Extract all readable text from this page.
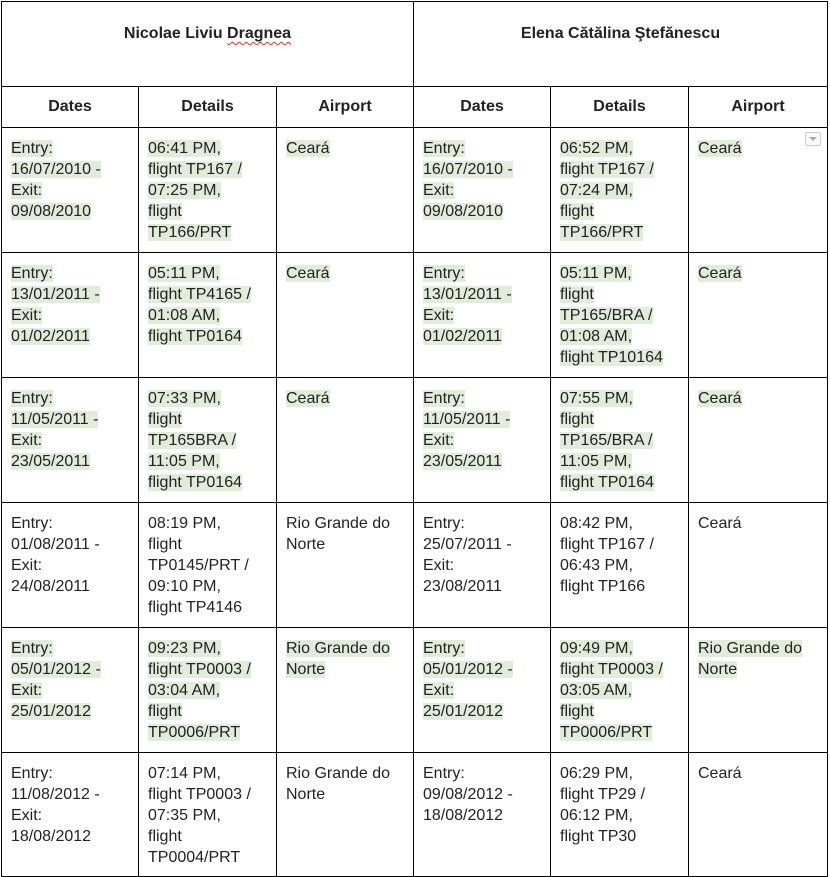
Nicolae Liviu Dragnea			Elena Cătălina Ştefănescu		
Dates	Details	Airport	Dates	Details	Airport

Entry:
16/07/2010 -
Exit:
09/08/2010	06:41 PM,
flight TP167 /
07:25 PM,
flight
TP166/PRT	Ceará	Entry:
16/07/2010 -
Exit:
09/08/2010	06:52 PM,
flight TP167 /
07:24 PM,
flight
TP166/PRT	Ceará

Entry:
13/01/2011 -
Exit:
01/02/2011	05:11 PM,
flight TP4165 /
01:08 AM,
flight TP0164	Ceará	Entry:
13/01/2011 -
Exit:
01/02/2011	05:11 PM,
flight
TP165/BRA /
01:08 AM,
flight TP10164	Ceará

Entry:
11/05/2011 -
Exit:
23/05/2011	07:33 PM,
flight
TP165BRA /
11:05 PM,
flight TP0164	Ceará	Entry:
11/05/2011 -
Exit:
23/05/2011	07:55 PM,
flight
TP165/BRA /
11:05 PM,
flight TP0164	Ceará

Entry:
01/08/2011 -
Exit:
24/08/2011	08:19 PM,
flight
TP0145/PRT /
09:10 PM,
flight TP4146	Rio Grande do
Norte	Entry:
25/07/2011 -
Exit:
23/08/2011	08:42 PM,
flight TP167 /
06:43 PM,
flight TP166	Ceará

Entry:
05/01/2012 -
Exit:
25/01/2012	09:23 PM,
flight TP0003 /
03:04 AM,
flight
TP0006/PRT	Rio Grande do
Norte	Entry:
05/01/2012 -
Exit:
25/01/2012	09:49 PM,
flight TP0003 /
03:05 AM,
flight
TP0006/PRT	Rio Grande do
Norte

Entry:
11/08/2012 -
Exit:
18/08/2012	07:14 PM,
flight TP0003 /
07:35 PM,
flight
TP0004/PRT	Rio Grande do
Norte	Entry:
09/08/2012 -
18/08/2012	06:29 PM,
flight TP29 /
06:12 PM,
flight TP30	Ceará
